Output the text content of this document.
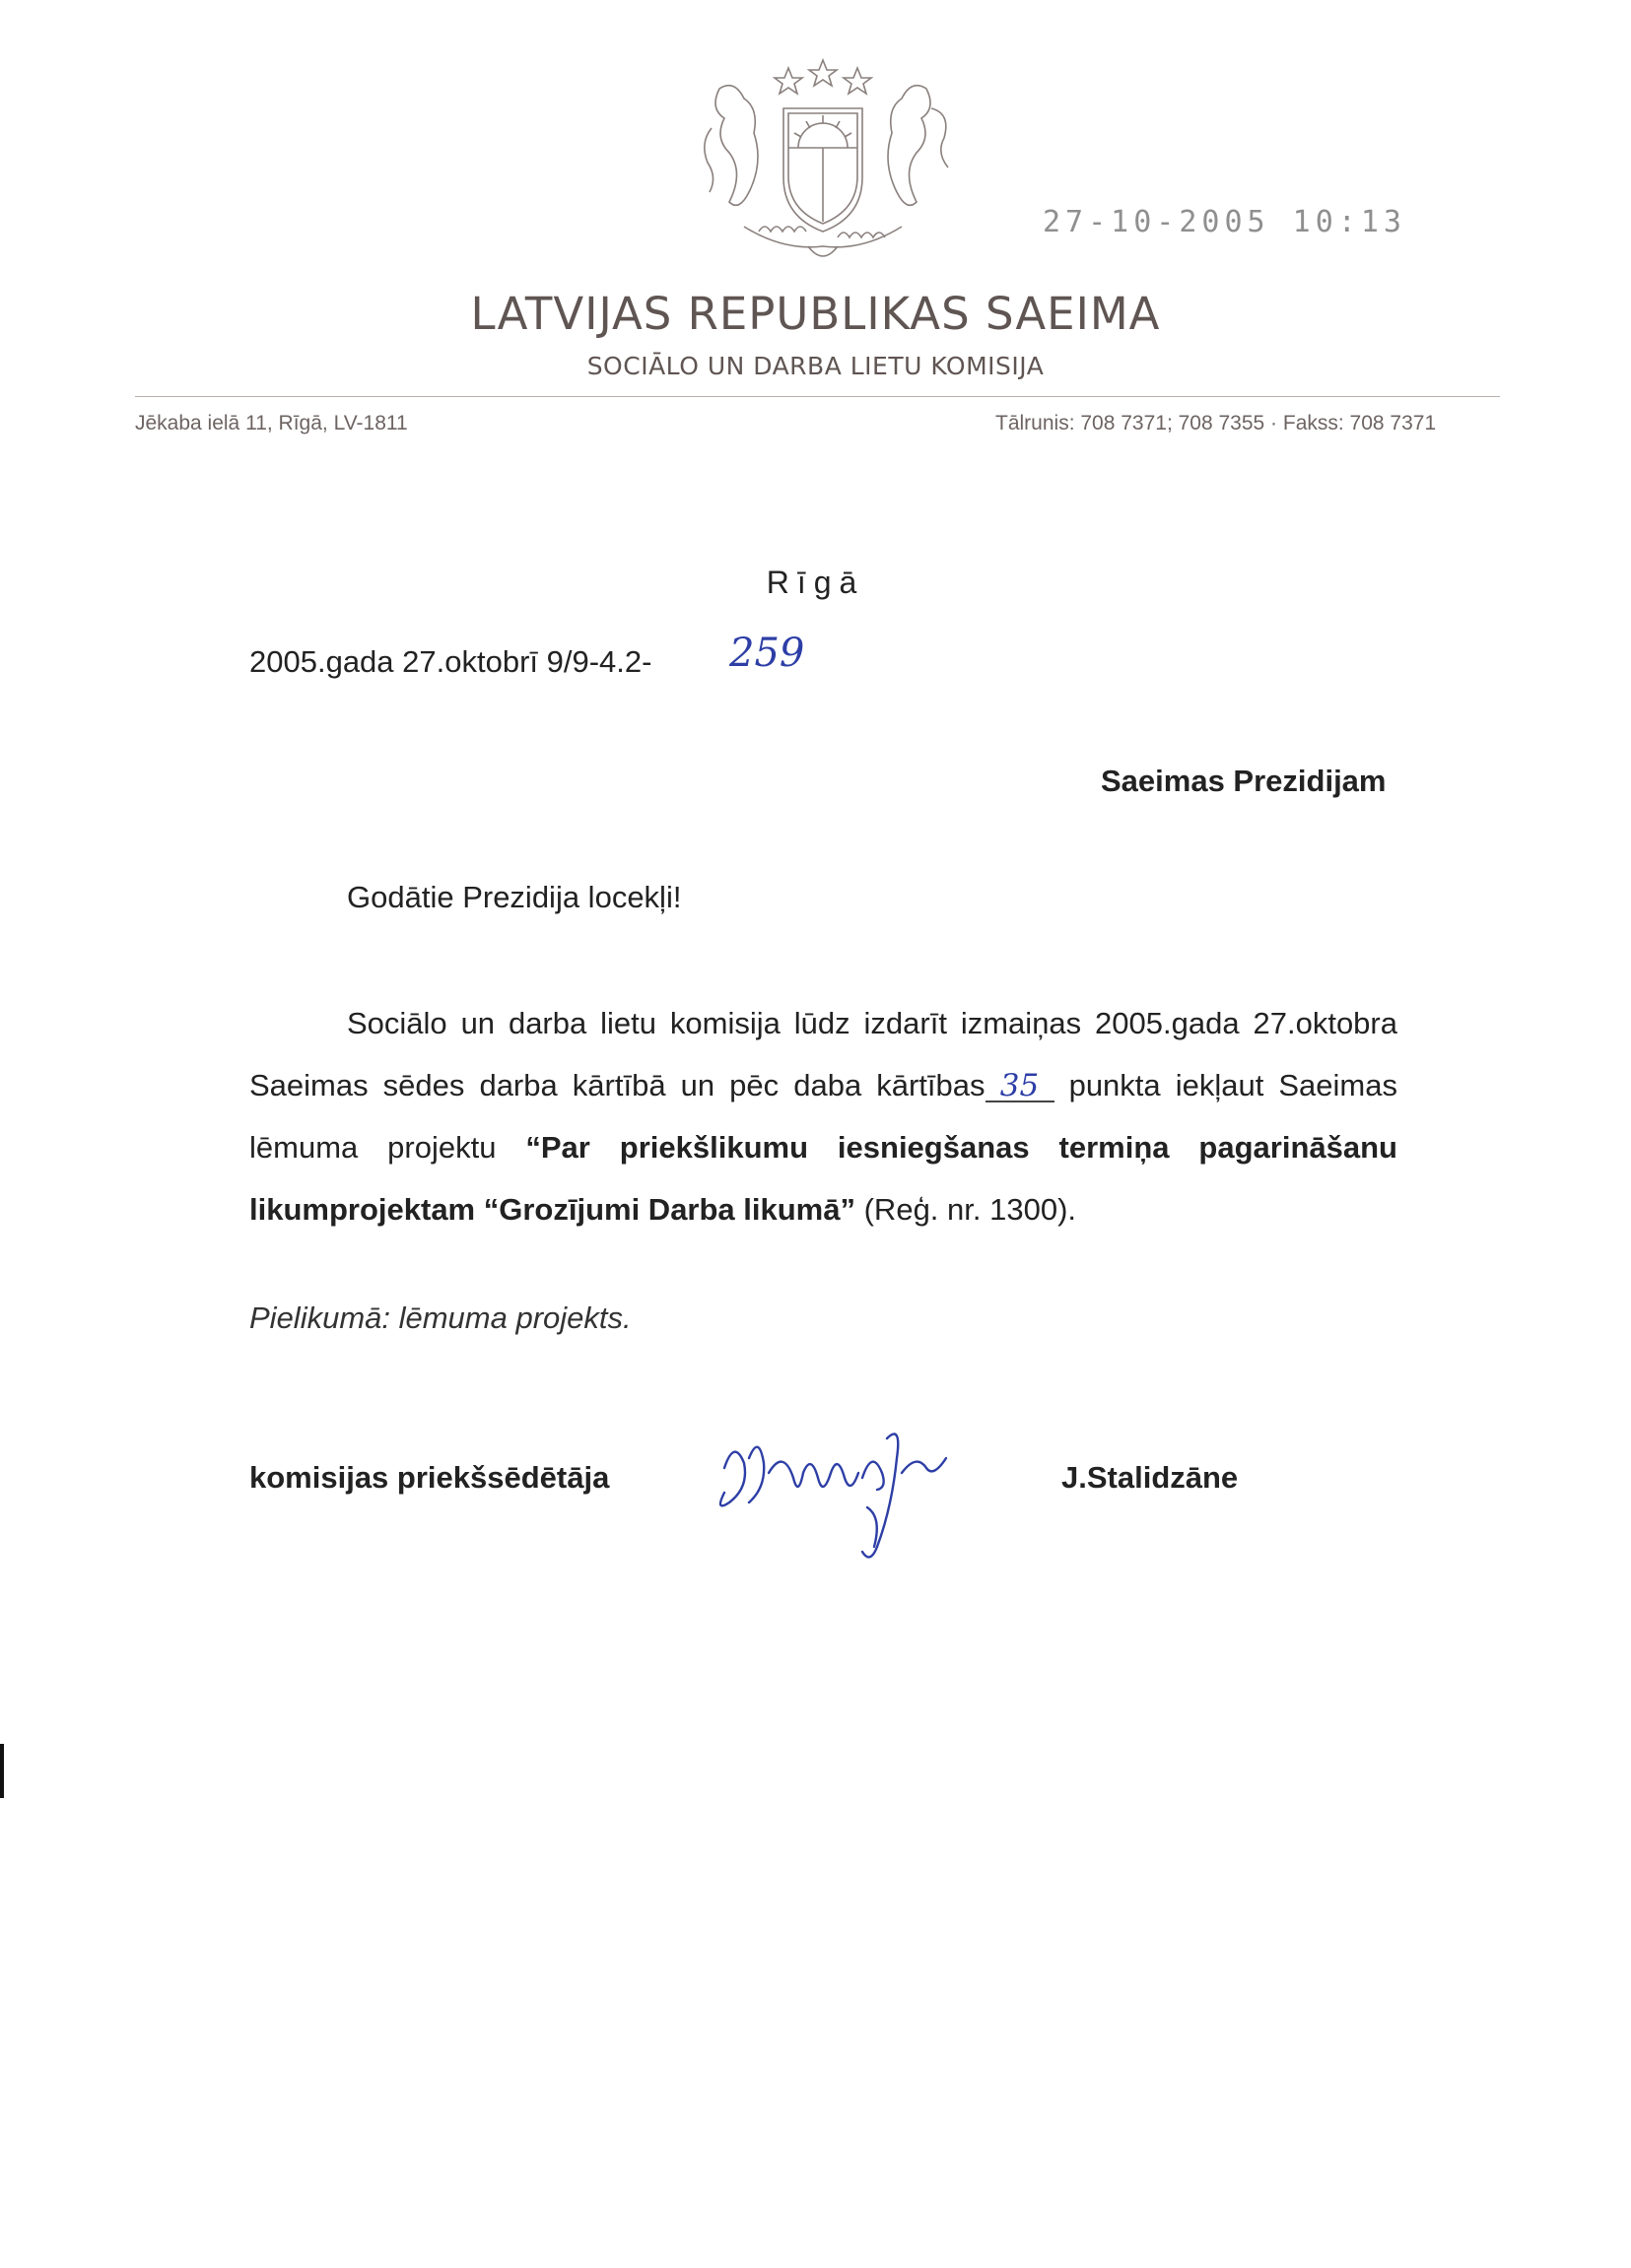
27-10-2005 10:13
LATVIJAS REPUBLIKAS SAEIMA
SOCIĀLO UN DARBA LIETU KOMISIJA
Jēkaba ielā 11, Rīgā, LV-1811	Tālrunis: 708 7371; 708 7355 · Fakss: 708 7371
Rīgā
2005.gada 27.oktobrī 9/9-4.2- 259
Saeimas Prezidijam
Godātie Prezidija locekļi!
Sociālo un darba lietu komisija lūdz izdarīt izmaiņas 2005.gada 27.oktobra Saeimas sēdes darba kārtībā un pēc daba kārtības 35 punkta iekļaut Saeimas lēmuma projektu “Par priekšlikumu iesniegšanas termiņa pagarināšanu likumprojektam “Grozījumi Darba likumā” (Reģ. nr. 1300).
Pielikumā: lēmuma projekts.
komisijas priekšsēdētāja	J.Stalidzāne
